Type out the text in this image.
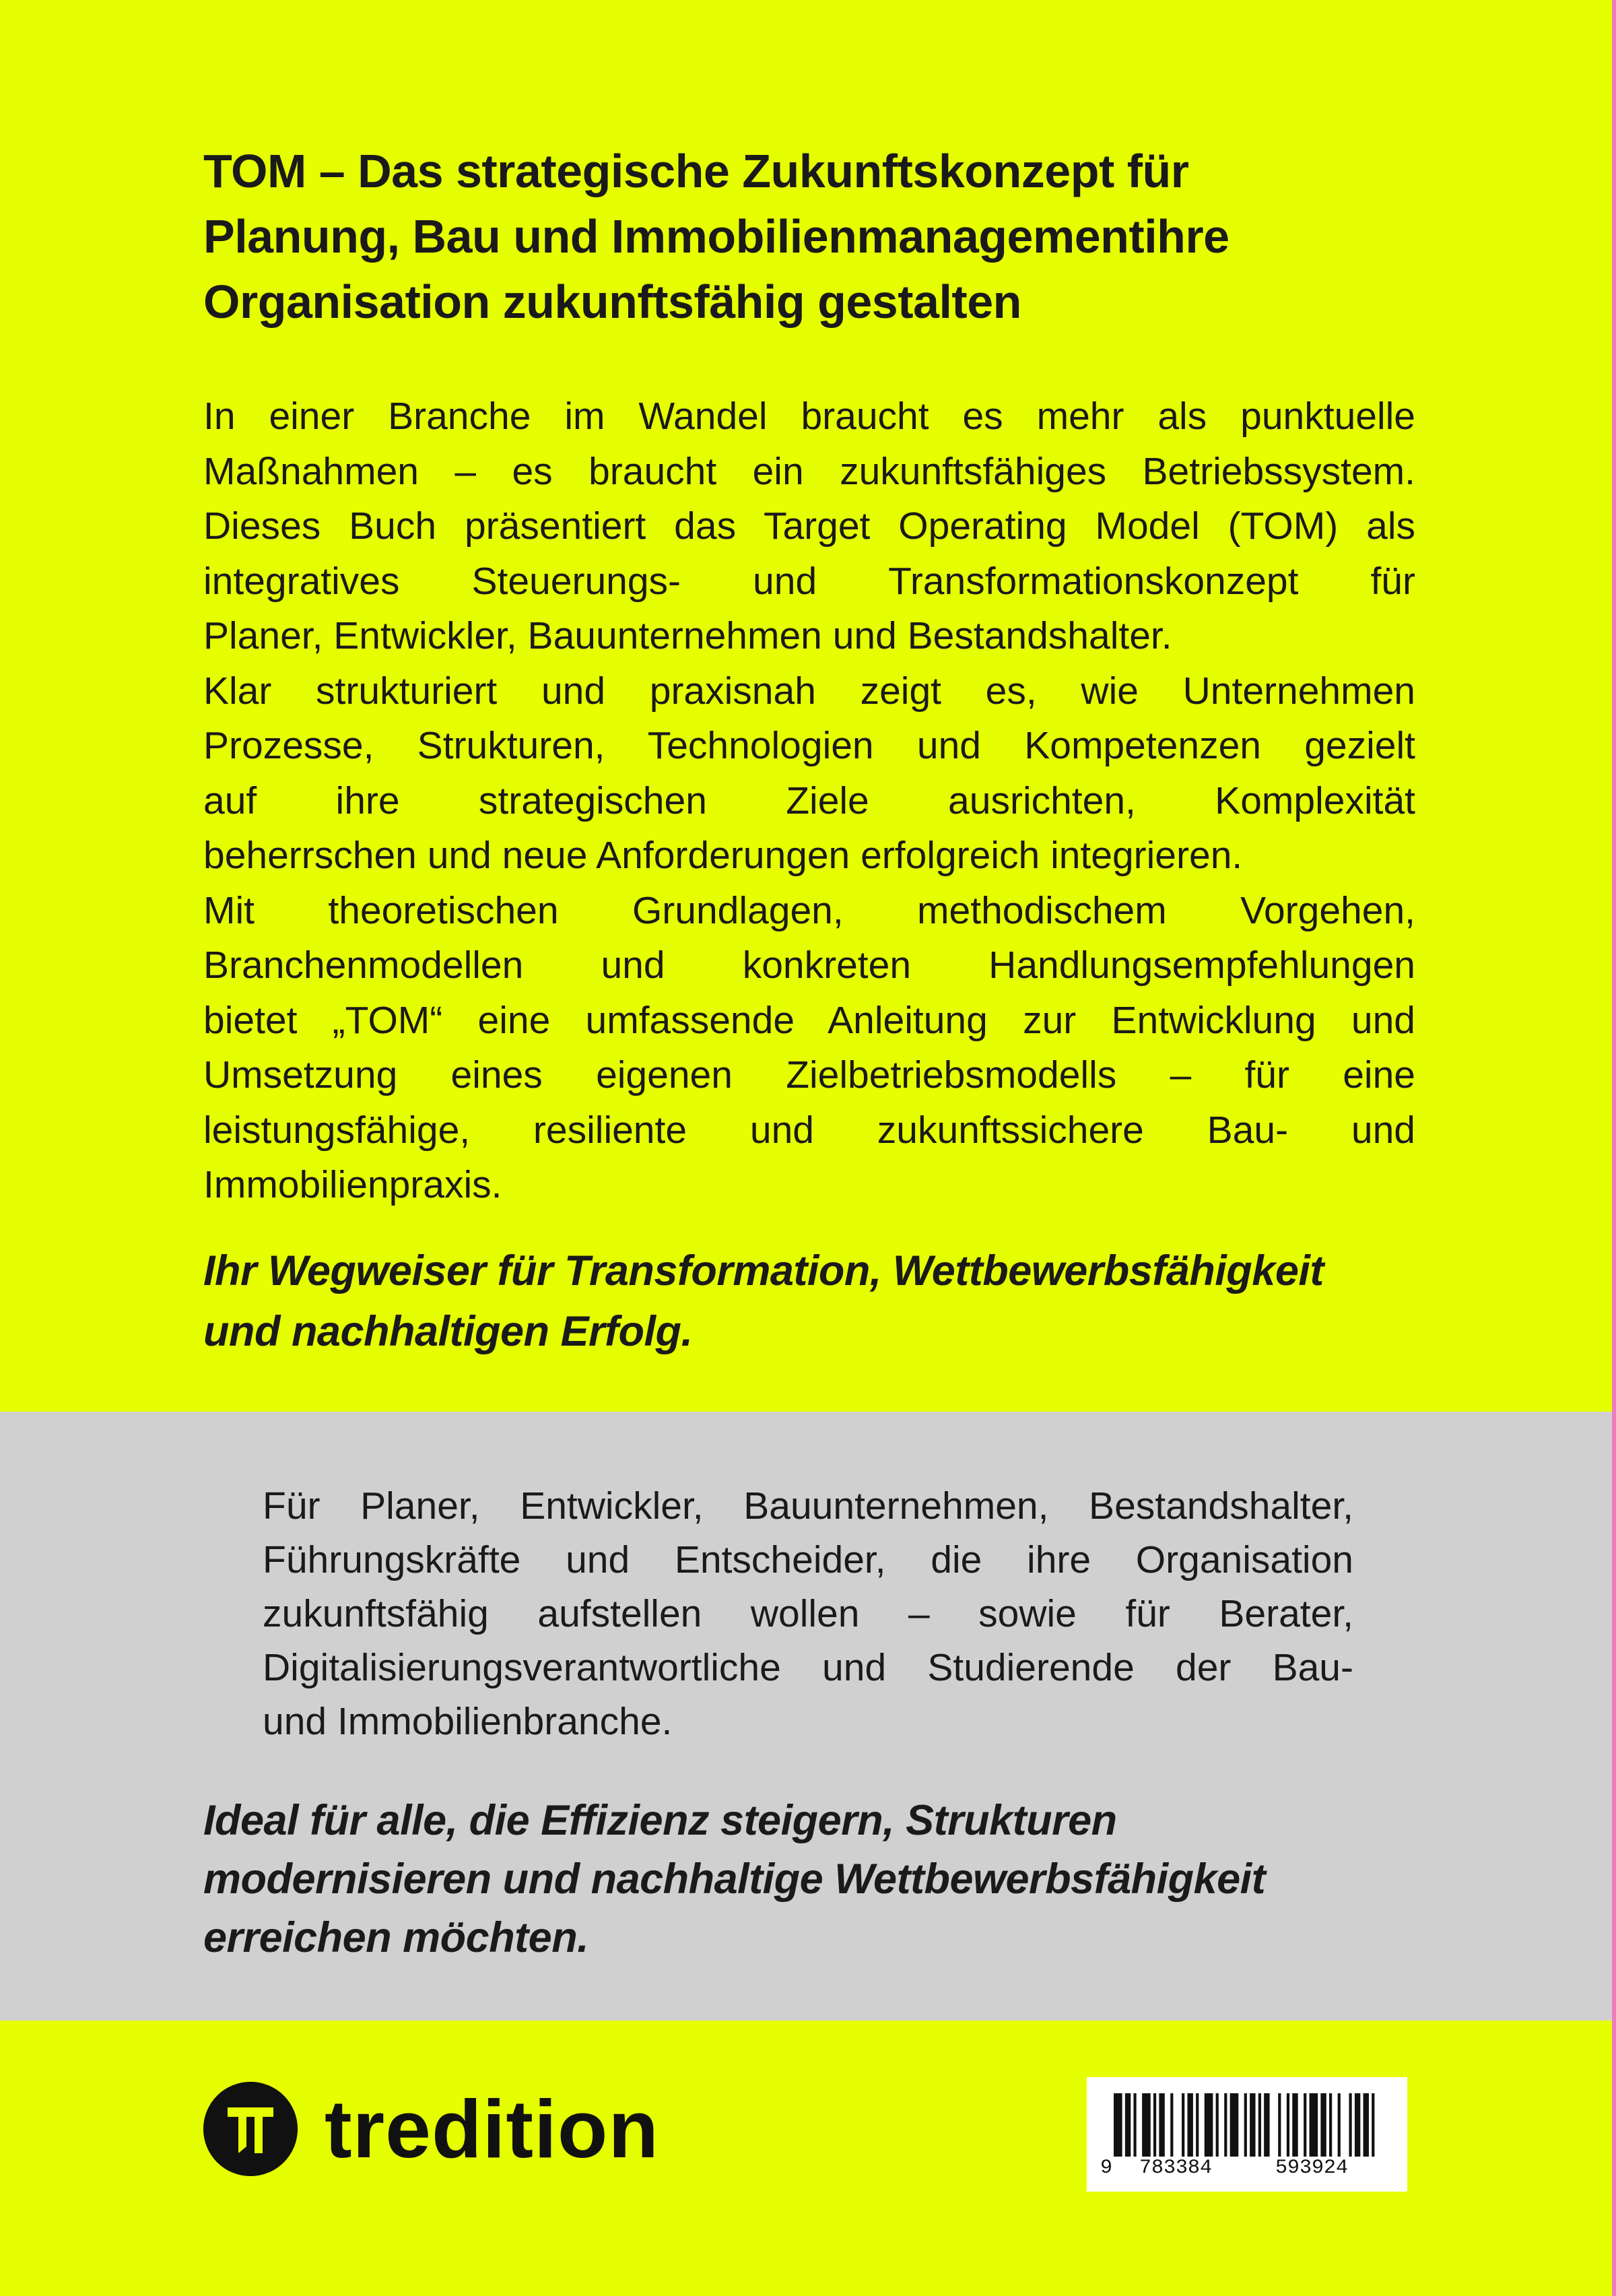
TOM – Das strategische Zukunftskonzept für
Planung, Bau und Immobilienmanagementihre
Organisation zukunftsfähig gestalten
In einer Branche im Wandel braucht es mehr als punktuelle
Maßnahmen – es braucht ein zukunftsfähiges Betriebssystem.
Dieses Buch präsentiert das Target Operating Model (TOM) als
integratives Steuerungs- und Transformationskonzept für
Planer, Entwickler, Bauunternehmen und Bestandshalter.
Klar strukturiert und praxisnah zeigt es, wie Unternehmen
Prozesse, Strukturen, Technologien und Kompetenzen gezielt
auf ihre strategischen Ziele ausrichten, Komplexität
beherrschen und neue Anforderungen erfolgreich integrieren.
Mit theoretischen Grundlagen, methodischem Vorgehen,
Branchenmodellen und konkreten Handlungsempfehlungen
bietet „TOM“ eine umfassende Anleitung zur Entwicklung und
Umsetzung eines eigenen Zielbetriebsmodells – für eine
leistungsfähige, resiliente und zukunftssichere Bau- und
Immobilienpraxis.
Ihr Wegweiser für Transformation, Wettbewerbsfähigkeit
und nachhaltigen Erfolg.
Für Planer, Entwickler, Bauunternehmen, Bestandshalter,
Führungskräfte und Entscheider, die ihre Organisation
zukunftsfähig aufstellen wollen – sowie für Berater,
Digitalisierungsverantwortliche und Studierende der Bau-
und Immobilienbranche.
Ideal für alle, die Effizienz steigern, Strukturen
modernisieren und nachhaltige Wettbewerbsfähigkeit
erreichen möchten.
tredition	9 783384	593924
